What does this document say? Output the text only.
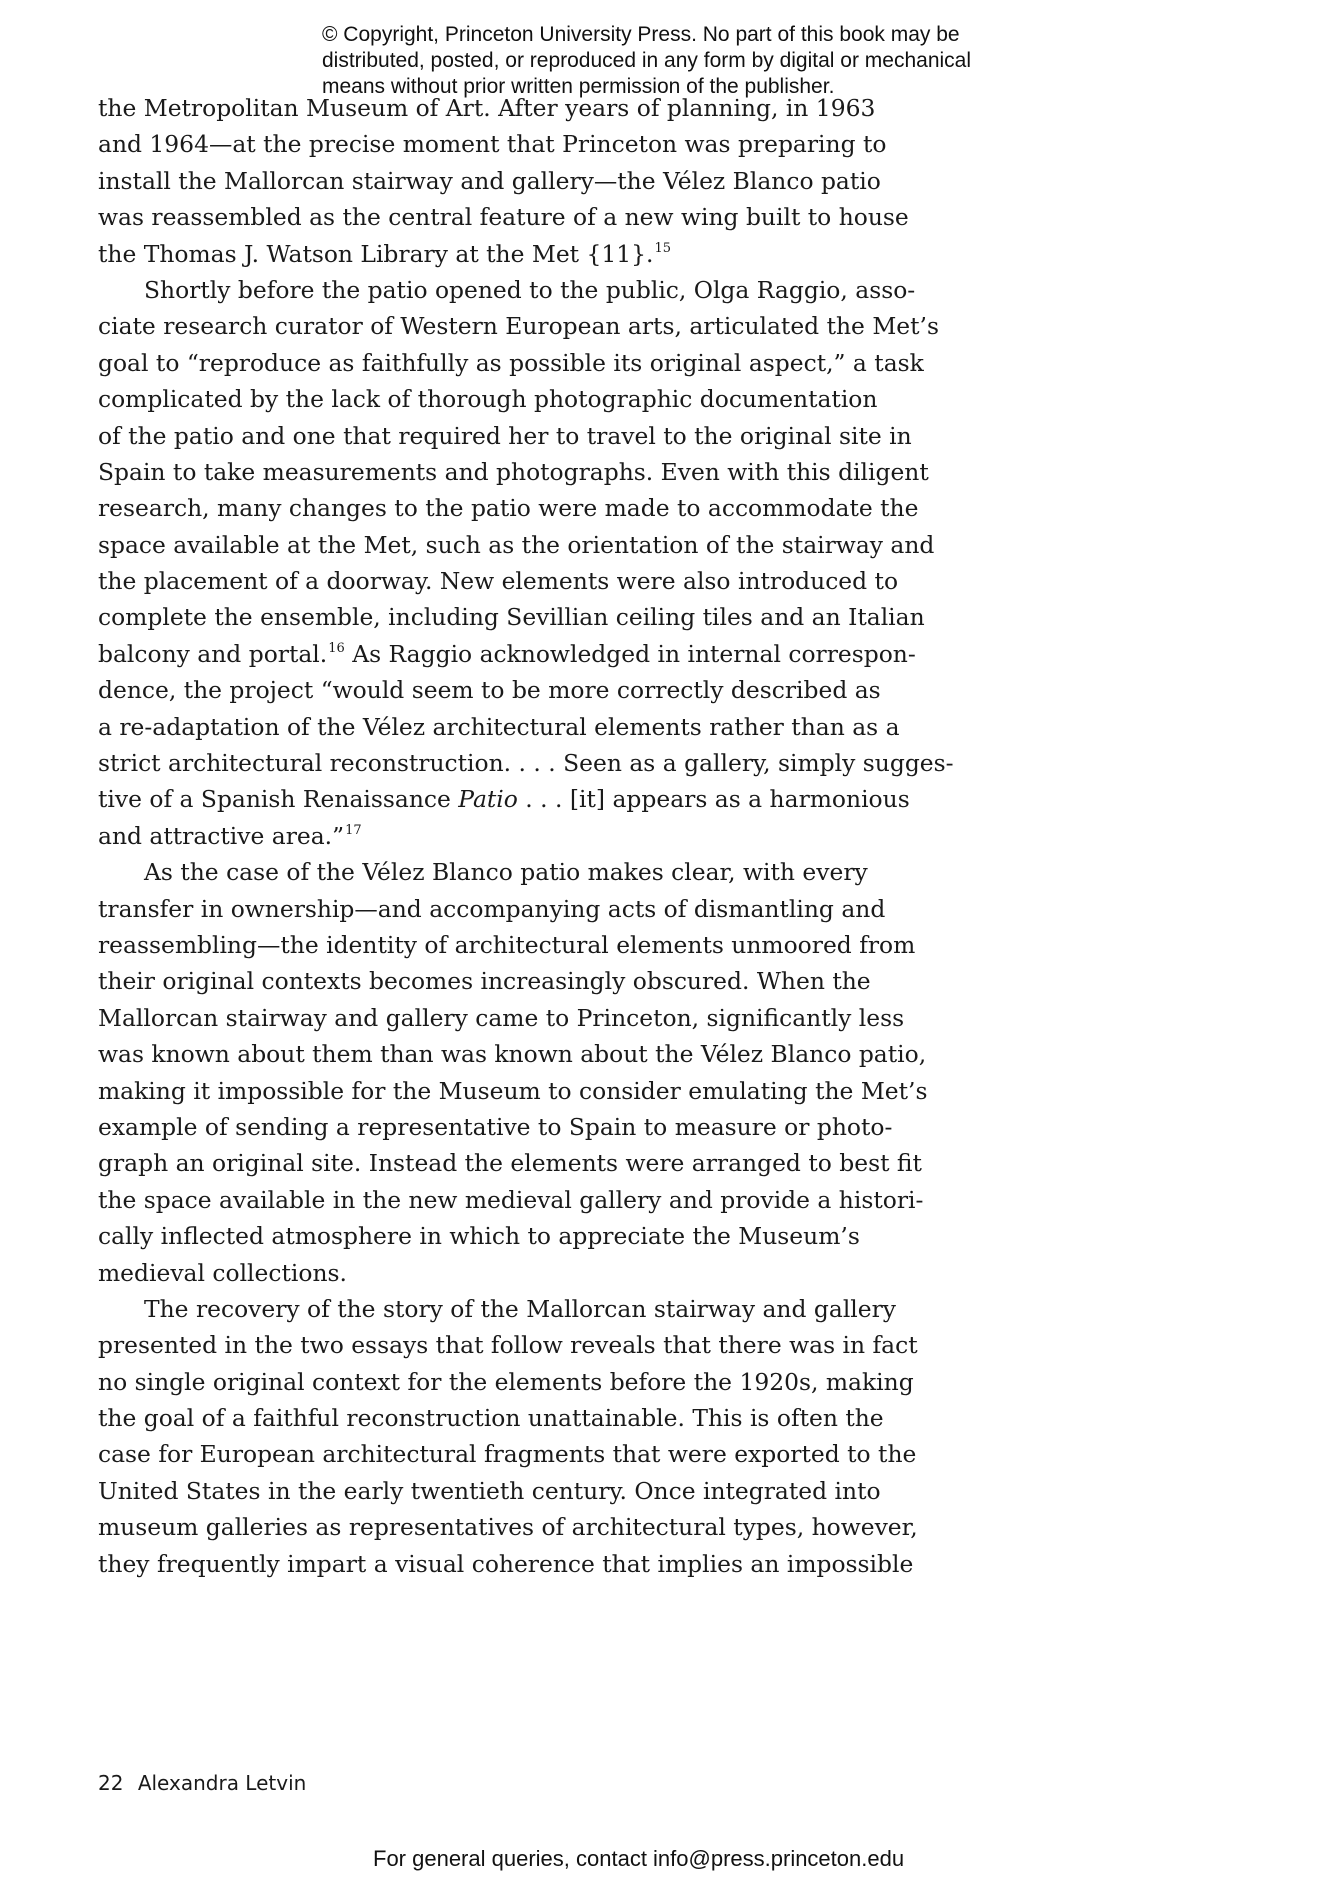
© Copyright, Princeton University Press. No part of this book may be
distributed, posted, or reproduced in any form by digital or mechanical
means without prior written permission of the publisher.
the Metropolitan Museum of Art. After years of planning, in 1963
and 1964—at the precise moment that Princeton was preparing to
install the Mallorcan stairway and gallery—the Vélez Blanco patio
was reassembled as the central feature of a new wing built to house
the Thomas J. Watson Library at the Met {11}.$^{15}$
Shortly before the patio opened to the public, Olga Raggio, asso-
ciate research curator of Western European arts, articulated the Met’s
goal to “reproduce as faithfully as possible its original aspect,” a task
complicated by the lack of thorough photographic documentation
of the patio and one that required her to travel to the original site in
Spain to take measurements and photographs. Even with this diligent
research, many changes to the patio were made to accommodate the
space available at the Met, such as the orientation of the stairway and
the placement of a doorway. New elements were also introduced to
complete the ensemble, including Sevillian ceiling tiles and an Italian
balcony and portal.$^{16}$ As Raggio acknowledged in internal correspon-
dence, the project “would seem to be more correctly described as
a re-adaptation of the Vélez architectural elements rather than as a
strict architectural reconstruction. . . . Seen as a gallery, simply sugges-
tive of a Spanish Renaissance Patio . . . [it] appears as a harmonious
and attractive area.”$^{17}$
As the case of the Vélez Blanco patio makes clear, with every
transfer in ownership—and accompanying acts of dismantling and
reassembling—the identity of architectural elements unmoored from
their original contexts becomes increasingly obscured. When the
Mallorcan stairway and gallery came to Princeton, significantly less
was known about them than was known about the Vélez Blanco patio,
making it impossible for the Museum to consider emulating the Met’s
example of sending a representative to Spain to measure or photo-
graph an original site. Instead the elements were arranged to best fit
the space available in the new medieval gallery and provide a histori-
cally inflected atmosphere in which to appreciate the Museum’s
medieval collections.
The recovery of the story of the Mallorcan stairway and gallery
presented in the two essays that follow reveals that there was in fact
no single original context for the elements before the 1920s, making
the goal of a faithful reconstruction unattainable. This is often the
case for European architectural fragments that were exported to the
United States in the early twentieth century. Once integrated into
museum galleries as representatives of architectural types, however,
they frequently impart a visual coherence that implies an impossible
22 Alexandra Letvin
For general queries, contact info@press.princeton.edu
